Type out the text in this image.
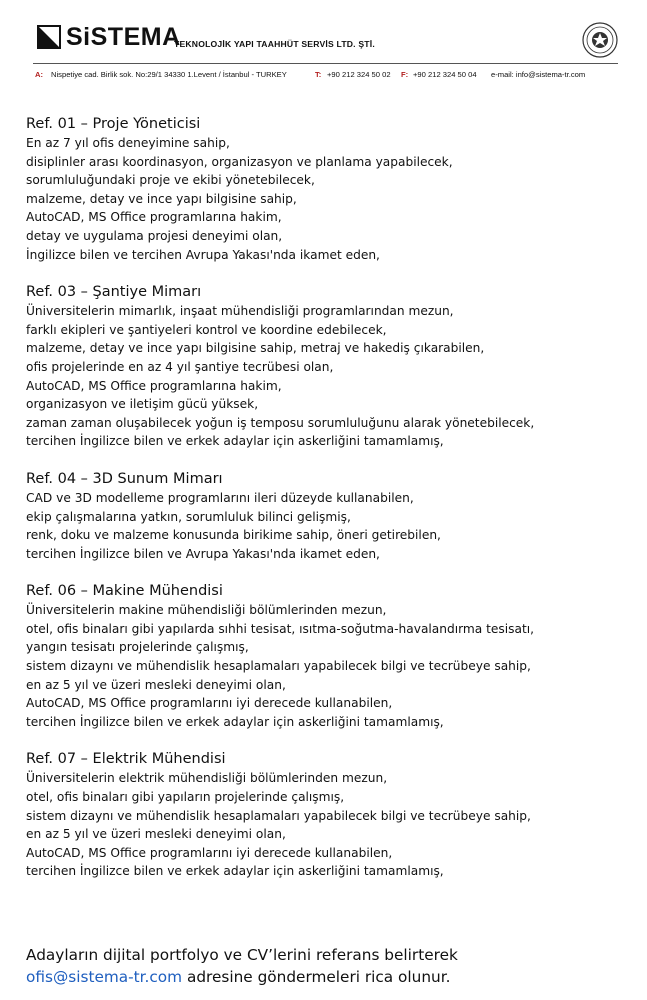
SiSTEMA
TEKNOLOJİK YAPI TAAHHÜT SERVİS LTD. ŞTİ.
A: Nispetiye cad. Birlik sok. No:29/1 34330 1.Levent / İstanbul - TURKEY	T: +90 212 324 50 02 F: +90 212 324 50 04 e-mail: info@sistema-tr.com
Ref. 01 – Proje Yöneticisi
En az 7 yıl ofis deneyimine sahip,
disiplinler arası koordinasyon, organizasyon ve planlama yapabilecek,
sorumluluğundaki proje ve ekibi yönetebilecek,
malzeme, detay ve ince yapı bilgisine sahip,
AutoCAD, MS Office programlarına hakim,
detay ve uygulama projesi deneyimi olan,
İngilizce bilen ve tercihen Avrupa Yakası'nda ikamet eden,
Ref. 03 – Şantiye Mimarı
Üniversitelerin mimarlık, inşaat mühendisliği programlarından mezun,
farklı ekipleri ve şantiyeleri kontrol ve koordine edebilecek,
malzeme, detay ve ince yapı bilgisine sahip, metraj ve hakediş çıkarabilen,
ofis projelerinde en az 4 yıl şantiye tecrübesi olan,
AutoCAD, MS Office programlarına hakim,
organizasyon ve iletişim gücü yüksek,
zaman zaman oluşabilecek yoğun iş temposu sorumluluğunu alarak yönetebilecek,
tercihen İngilizce bilen ve erkek adaylar için askerliğini tamamlamış,
Ref. 04 – 3D Sunum Mimarı
CAD ve 3D modelleme programlarını ileri düzeyde kullanabilen,
ekip çalışmalarına yatkın, sorumluluk bilinci gelişmiş,
renk, doku ve malzeme konusunda birikime sahip, öneri getirebilen,
tercihen İngilizce bilen ve Avrupa Yakası'nda ikamet eden,
Ref. 06 – Makine Mühendisi
Üniversitelerin makine mühendisliği bölümlerinden mezun,
otel, ofis binaları gibi yapılarda sıhhi tesisat, ısıtma-soğutma-havalandırma tesisatı,
yangın tesisatı projelerinde çalışmış,
sistem dizaynı ve mühendislik hesaplamaları yapabilecek bilgi ve tecrübeye sahip,
en az 5 yıl ve üzeri mesleki deneyimi olan,
AutoCAD, MS Office programlarını iyi derecede kullanabilen,
tercihen İngilizce bilen ve erkek adaylar için askerliğini tamamlamış,
Ref. 07 – Elektrik Mühendisi
Üniversitelerin elektrik mühendisliği bölümlerinden mezun,
otel, ofis binaları gibi yapıların projelerinde çalışmış,
sistem dizaynı ve mühendislik hesaplamaları yapabilecek bilgi ve tecrübeye sahip,
en az 5 yıl ve üzeri mesleki deneyimi olan,
AutoCAD, MS Office programlarını iyi derecede kullanabilen,
tercihen İngilizce bilen ve erkek adaylar için askerliğini tamamlamış,
Adayların dijital portfolyo ve CV’lerini referans belirterek
ofis@sistema-tr.com adresine göndermeleri rica olunur.
